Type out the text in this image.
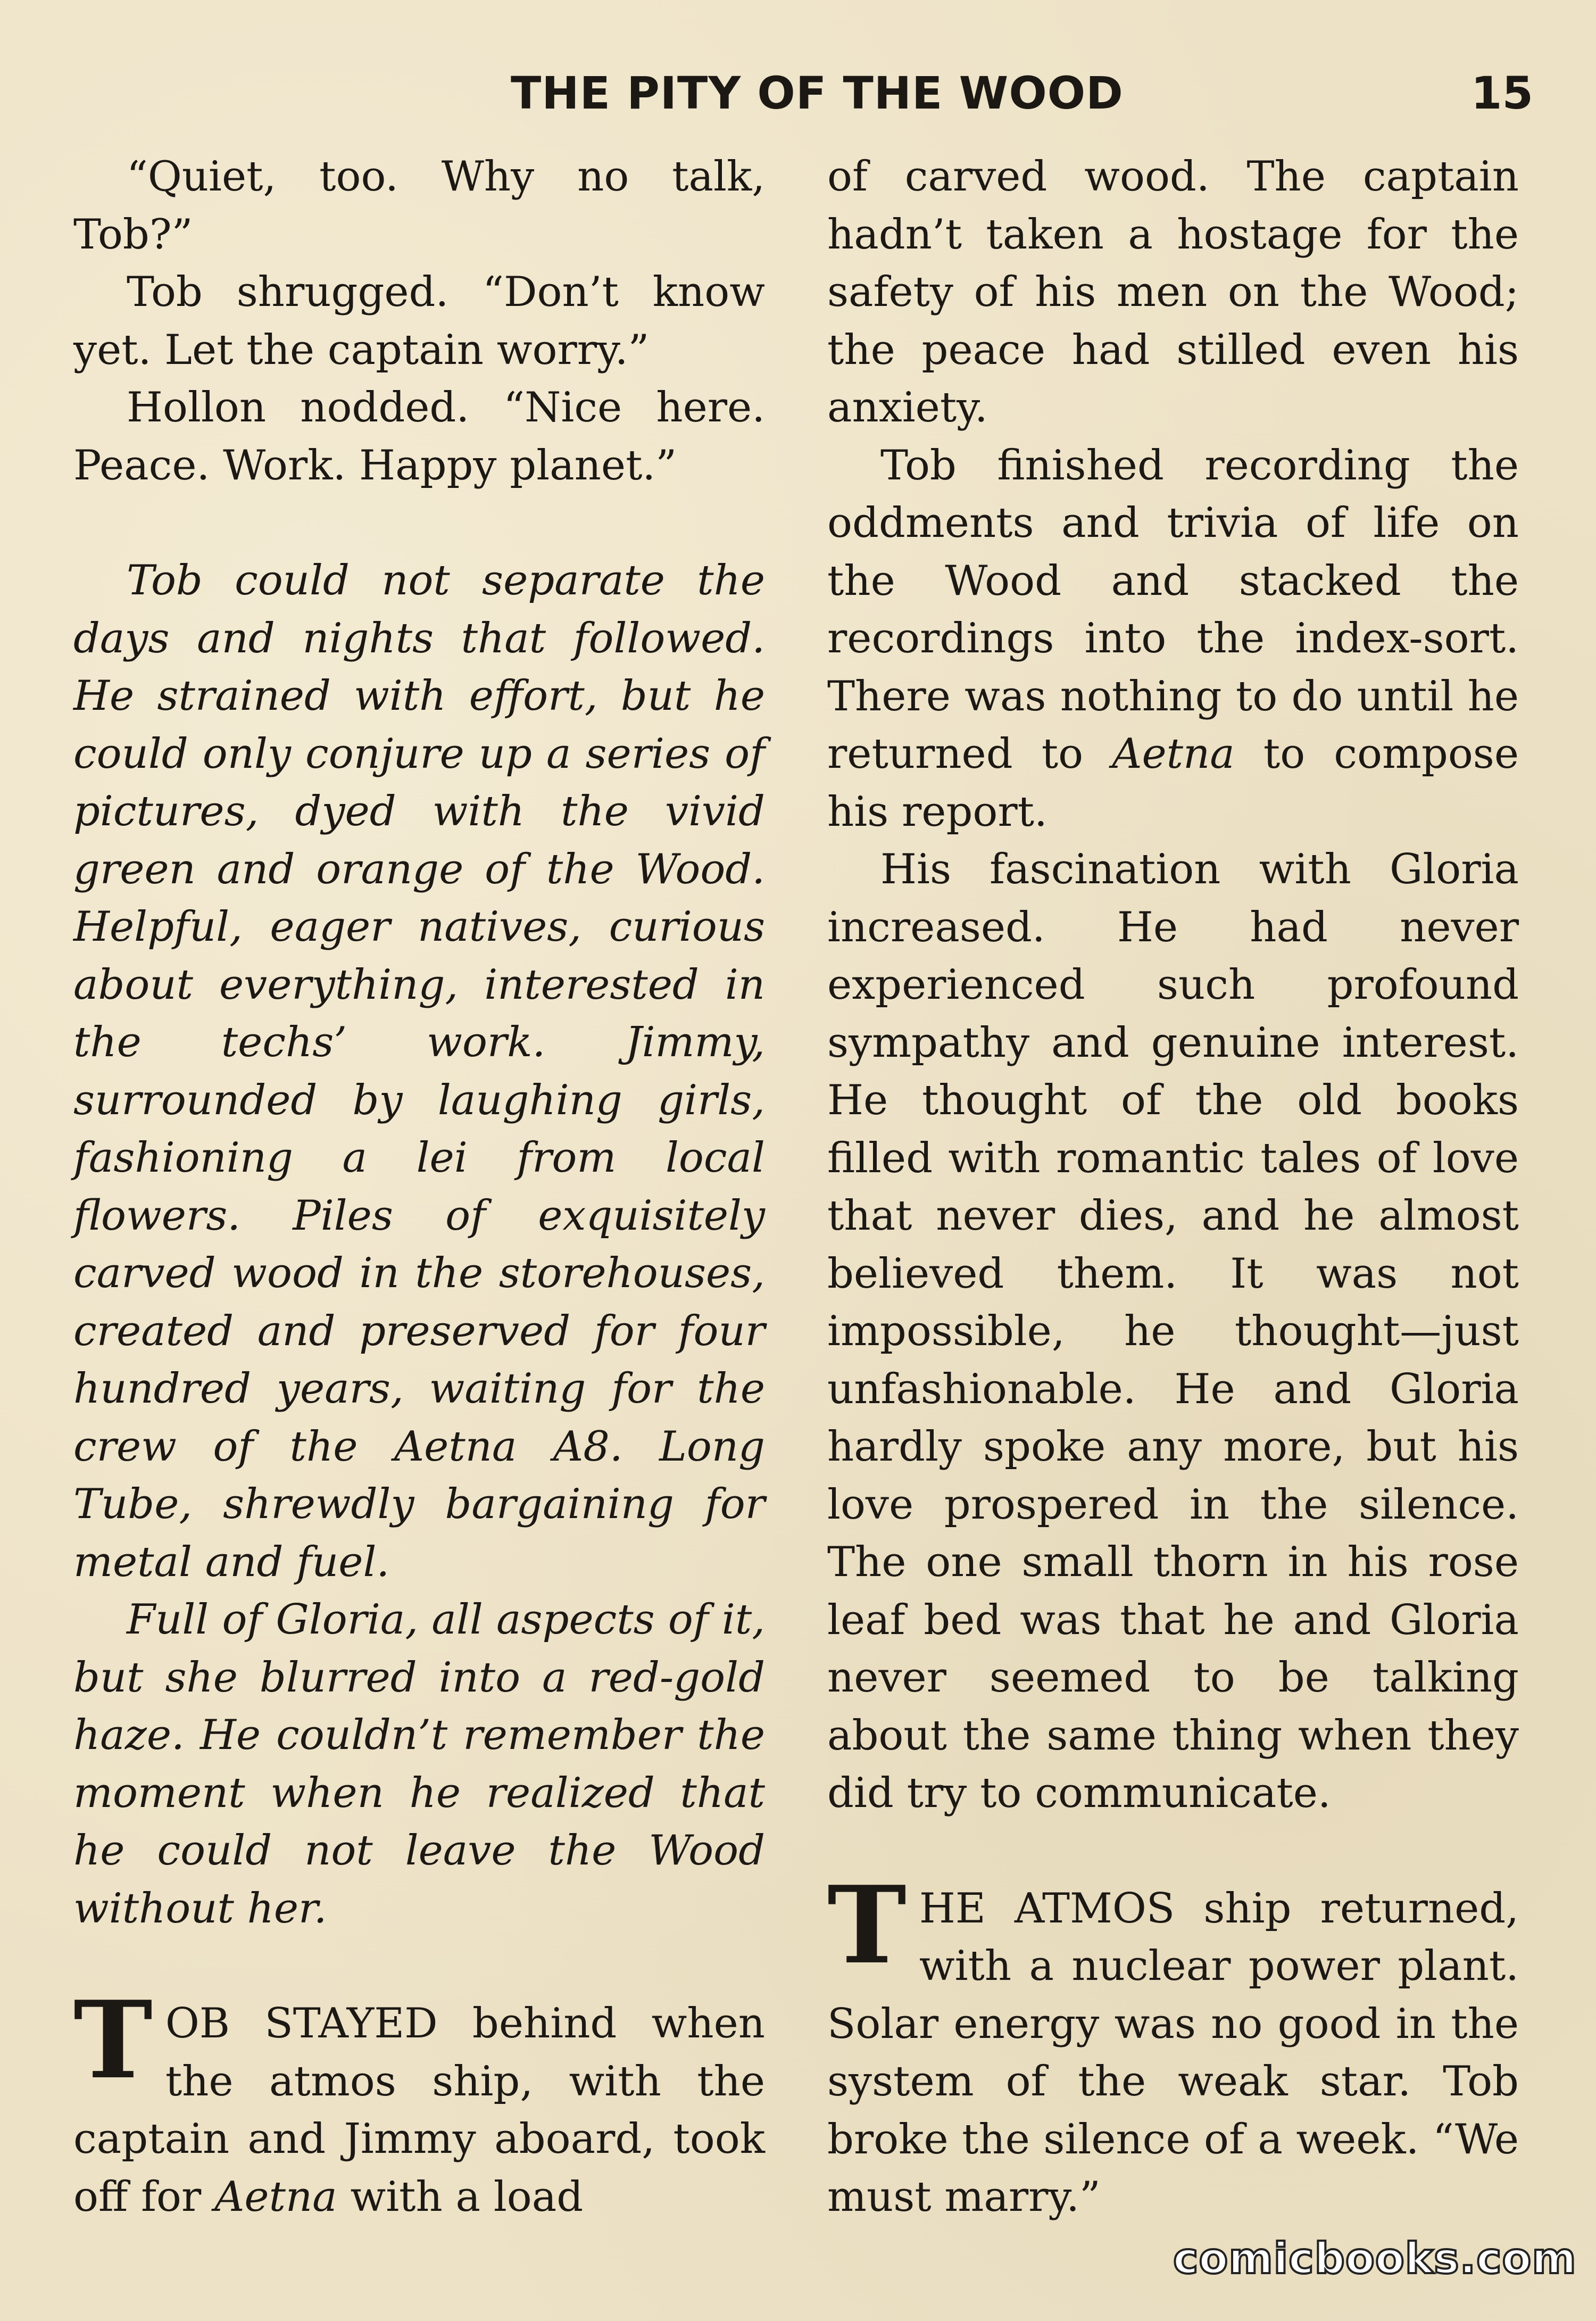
THE PITY OF THE WOOD	15

“Quiet, too. Why no talk, Tob?”

Tob shrugged. “Don’t know yet. Let the captain worry.”

Hollon nodded. “Nice here. Peace. Work. Happy planet.”

Tob could not separate the days and nights that followed. He strained with effort, but he could only conjure up a series of pictures, dyed with the vivid green and orange of the Wood. Helpful, eager natives, curious about everything, interested in the techs’ work. Jimmy, surrounded by laughing girls, fashioning a lei from local flowers. Piles of exquisitely carved wood in the storehouses, created and preserved for four hundred years, waiting for the crew of the Aetna A8. Long Tube, shrewdly bargaining for metal and fuel.

Full of Gloria, all aspects of it, but she blurred into a red-gold haze. He couldn’t remember the moment when he realized that he could not leave the Wood without her.

TOB STAYED behind when the atmos ship, with the captain and Jimmy aboard, took off for Aetna with a load

of carved wood. The captain hadn’t taken a hostage for the safety of his men on the Wood; the peace had stilled even his anxiety.

Tob finished recording the oddments and trivia of life on the Wood and stacked the recordings into the index-sort. There was nothing to do until he returned to Aetna to compose his report.

His fascination with Gloria increased. He had never experienced such profound sympathy and genuine interest. He thought of the old books filled with romantic tales of love that never dies, and he almost believed them. It was not impossible, he thought—just unfashionable. He and Gloria hardly spoke any more, but his love prospered in the silence. The one small thorn in his rose leaf bed was that he and Gloria never seemed to be talking about the same thing when they did try to communicate.

THE ATMOS ship returned, with a nuclear power plant. Solar energy was no good in the system of the weak star. Tob broke the silence of a week. “We must marry.”

comicbooks.com
